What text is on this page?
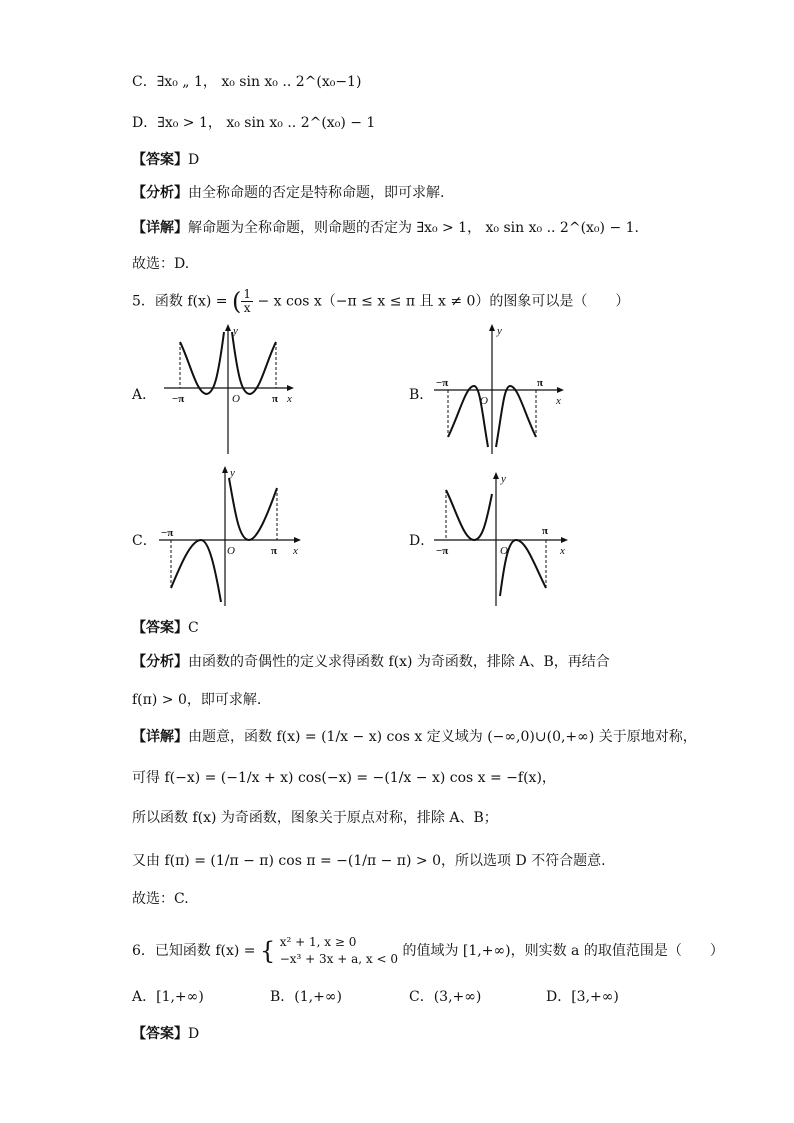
C．∃x₀ „ 1， x₀ sin x₀ .. 2^(x₀−1)
D．∃x₀ > 1， x₀ sin x₀ .. 2^(x₀) − 1
【答案】D
【分析】由全称命题的否定是特称命题，即可求解.
【详解】解命题为全称命题，则命题的否定为 ∃x₀ > 1， x₀ sin x₀ .. 2^(x₀) − 1.
故选：D.
5．函数 f(x) = ( $\frac{1}{x} - x$ cos x（−π ≤ x ≤ π 且 x ≠ 0）的图象可以是（　　）
A． −π	π
O	x
y
B．
−π	π
O	x
y
C． −π
π
O	x
y
D．
−π
π
O	x
y
【答案】C
【分析】由函数的奇偶性的定义求得函数 f(x) 为奇函数，排除 A、B，再结合
f(π) > 0，即可求解.
【详解】由题意，函数 f(x) = (1/x − x) cos x 定义域为 (−∞,0)∪(0,+∞) 关于原地对称，
可得 f(−x) = (−1/x + x) cos(−x) = −(1/x − x) cos x = −f(x)，
所以函数 f(x) 为奇函数，图象关于原点对称，排除 A、B；
又由 f(π) = (1/π − π) cos π = −(1/π − π) > 0，所以选项 D 不符合题意.
故选：C.
6．已知函数 f(x) = { x² + 1, x ≥ 0
−x³ + 3x + a, x < 0 的值域为 [1,+∞)，则实数 a 的取值范围是（　　）
A．[1,+∞)	B．(1,+∞)	C．(3,+∞)	D．[3,+∞)
【答案】D
